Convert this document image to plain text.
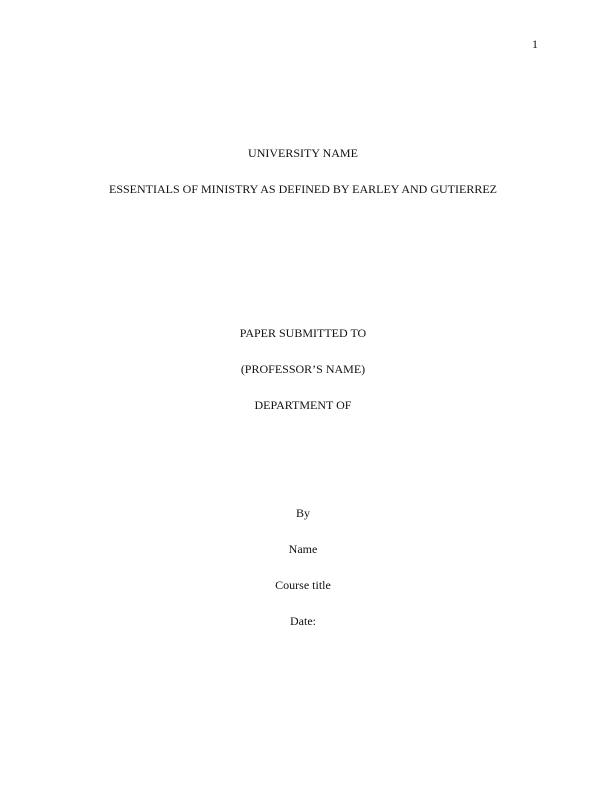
1
UNIVERSITY NAME
ESSENTIALS OF MINISTRY AS DEFINED BY EARLEY AND GUTIERREZ
PAPER SUBMITTED TO
(PROFESSOR’S NAME)
DEPARTMENT OF
By
Name
Course title
Date:
